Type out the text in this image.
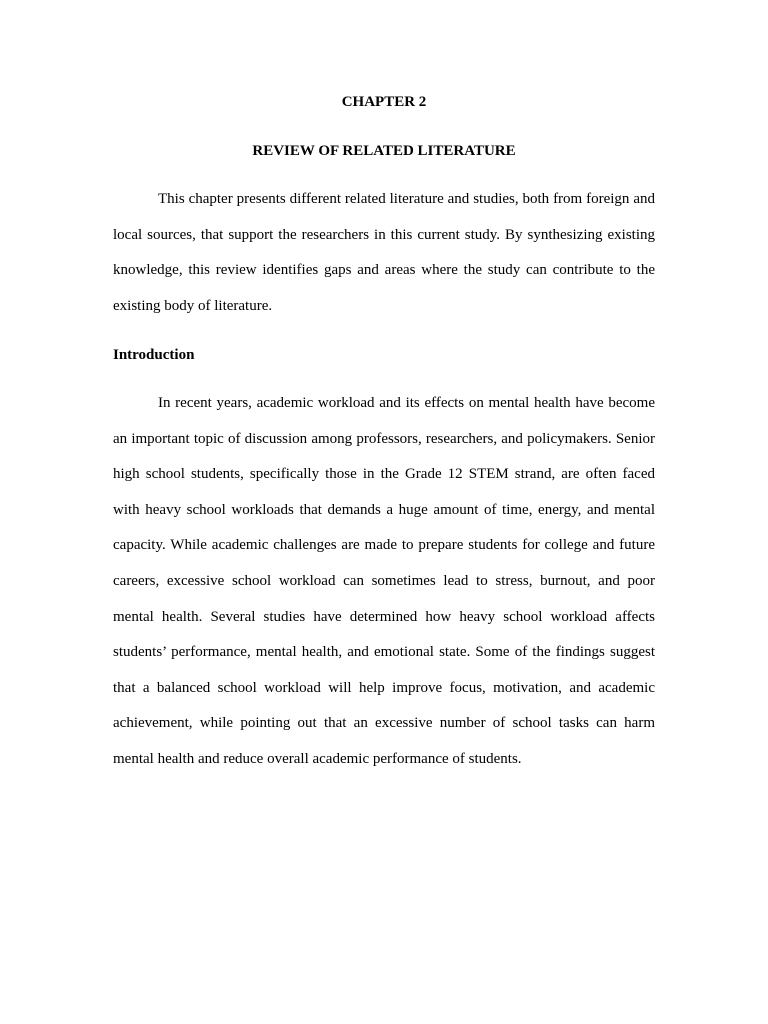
CHAPTER 2
REVIEW OF RELATED LITERATURE

This chapter presents different related literature and studies, both from foreign and local sources, that support the researchers in this current study. By synthesizing existing knowledge, this review identifies gaps and areas where the study can contribute to the existing body of literature.

Introduction

In recent years, academic workload and its effects on mental health have become an important topic of discussion among professors, researchers, and policymakers. Senior high school students, specifically those in the Grade 12 STEM strand, are often faced with heavy school workloads that demands a huge amount of time, energy, and mental capacity. While academic challenges are made to prepare students for college and future careers, excessive school workload can sometimes lead to stress, burnout, and poor mental health. Several studies have determined how heavy school workload affects students’ performance, mental health, and emotional state. Some of the findings suggest that a balanced school workload will help improve focus, motivation, and academic achievement, while pointing out that an excessive number of school tasks can harm mental health and reduce overall academic performance of students.
